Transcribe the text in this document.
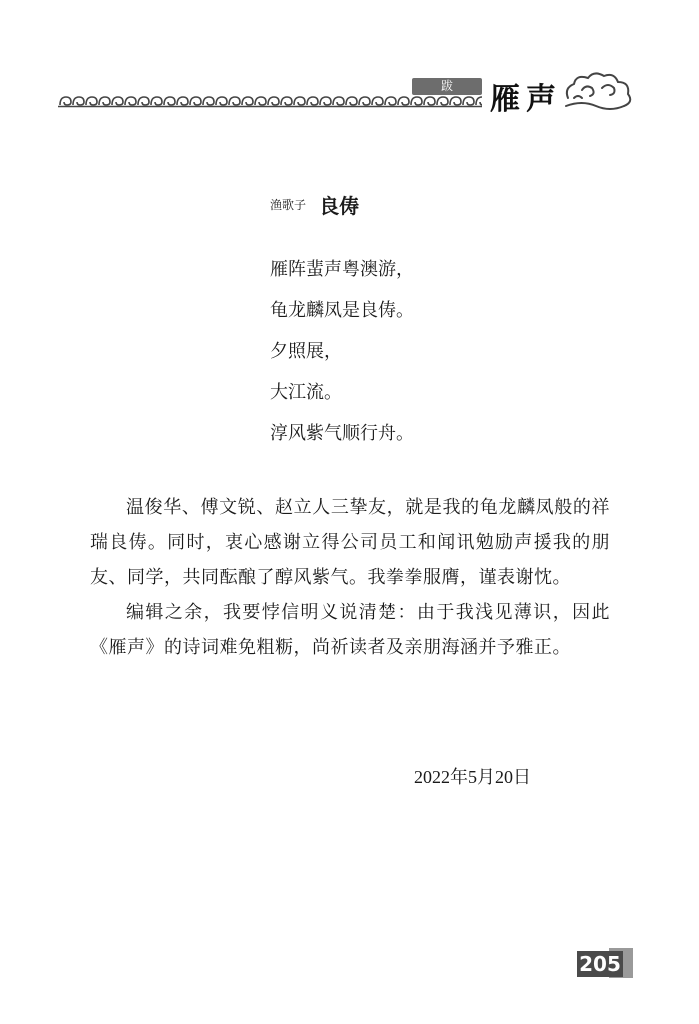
跋	雁声
渔歌子 良俦
雁阵蜚声粤澳游，
龟龙麟凤是良俦。
夕照展，
大江流。
淳风紫气顺行舟。

温俊华、傅文锐、赵立人三挚友，就是我的龟龙麟凤般的祥瑞良俦。同时，衷心感谢立得公司员工和闻讯勉励声援我的朋友、同学，共同酝酿了醇风紫气。我拳拳服膺，谨表谢忱。

编辑之余，我要悖信明义说清楚：由于我浅见薄识，因此《雁声》的诗词难免粗粝，尚祈读者及亲朋海涵并予雅正。

2022年5月20日
205
